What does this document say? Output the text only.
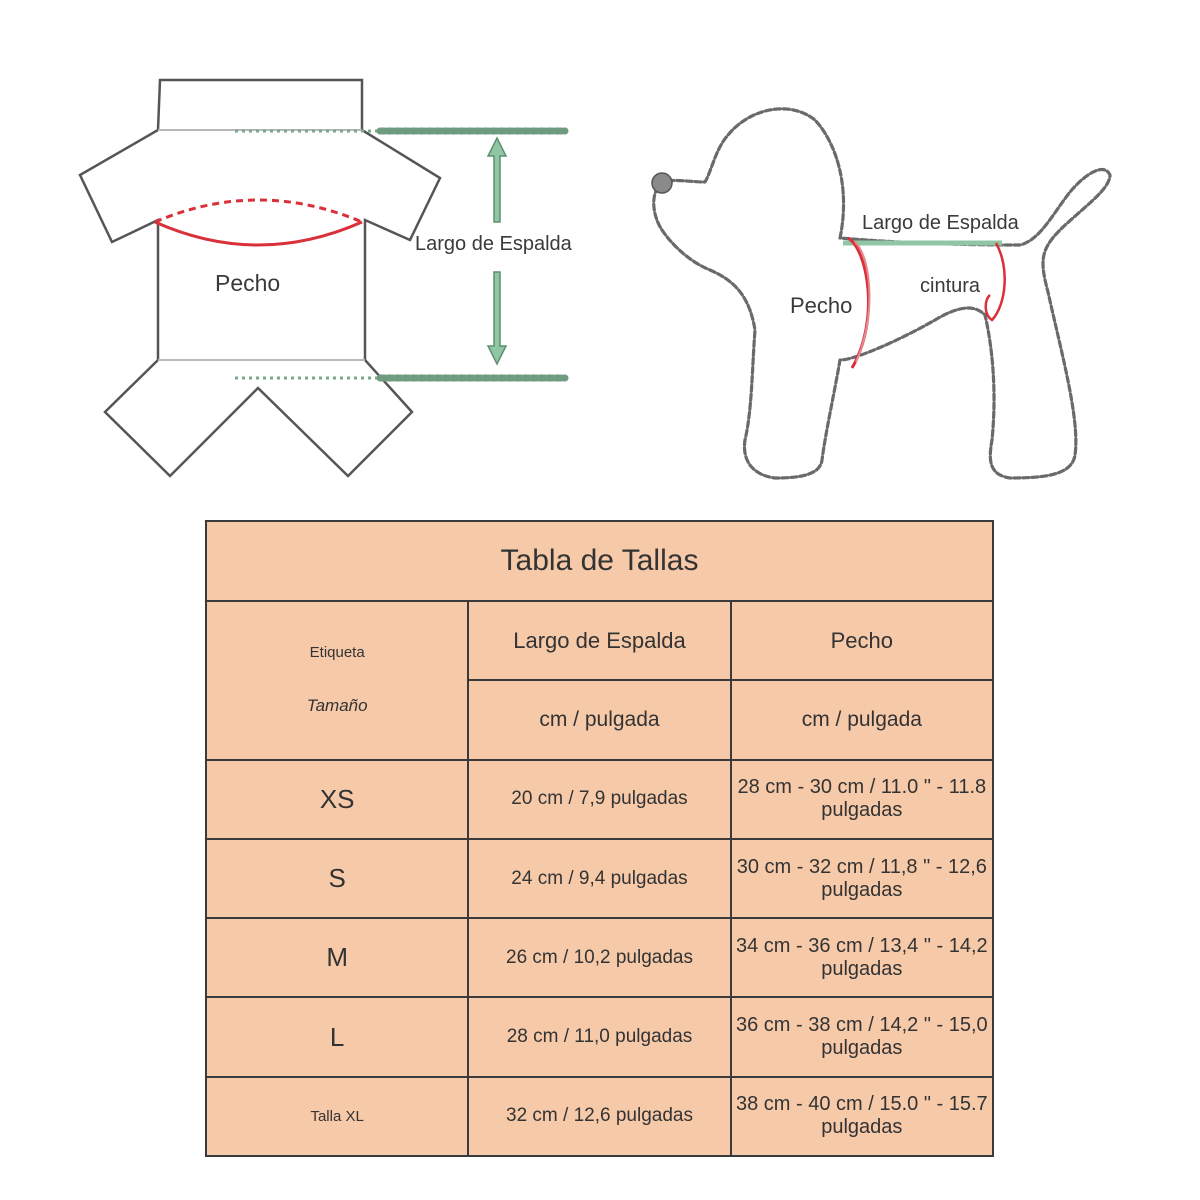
Pecho
Largo de Espalda
Largo de Espalda
Pecho
cintura
Tabla de Tallas		

Etiqueta
Tamaño	Largo de Espalda	Pecho
	cm / pulgada	cm / pulgada
XS	20 cm / 7,9 pulgadas	28 cm - 30 cm / 11.0 " - 11.8 pulgadas
S	24 cm / 9,4 pulgadas	30 cm - 32 cm / 11,8 " - 12,6 pulgadas
M	26 cm / 10,2 pulgadas	34 cm - 36 cm / 13,4 " - 14,2 pulgadas
L	28 cm / 11,0 pulgadas	36 cm - 38 cm / 14,2 " - 15,0 pulgadas
Talla XL	32 cm / 12,6 pulgadas	38 cm - 40 cm / 15.0 " - 15.7 pulgadas
